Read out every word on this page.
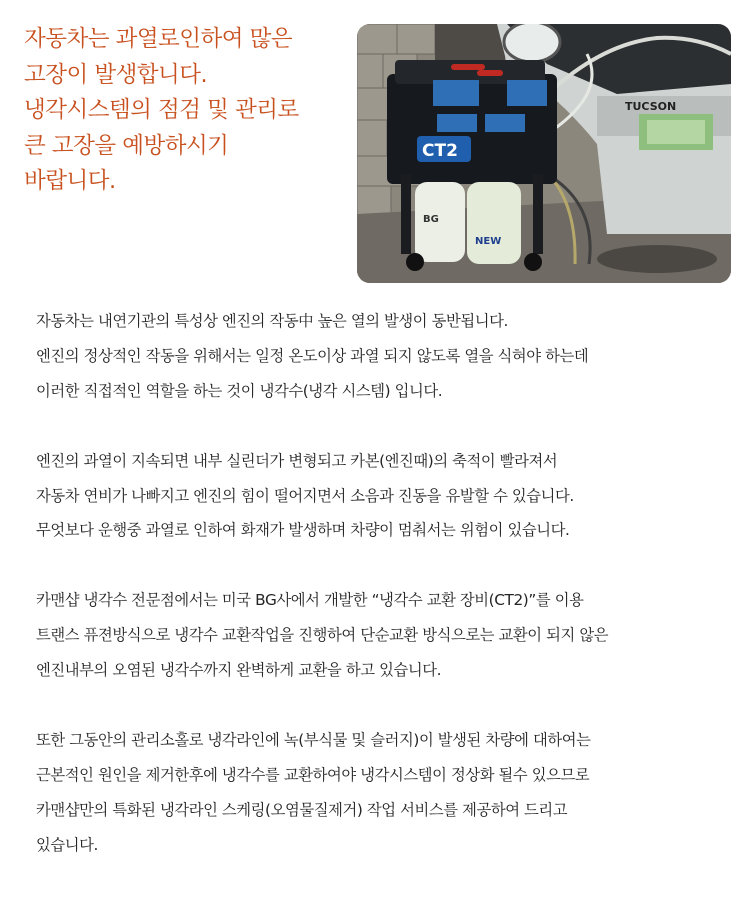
자동차는 과열로인하여 많은
고장이 발생합니다.
냉각시스템의 점검 및 관리로
큰 고장을 예방하시기
바랍니다.
TUCSON
CT2
BG
NEW
자동차는 내연기관의 특성상 엔진의 작동中 높은 열의 발생이 동반됩니다.
엔진의 정상적인 작동을 위해서는 일정 온도이상 과열 되지 않도록 열을 식혀야 하는데
이러한 직접적인 역할을 하는 것이 냉각수(냉각 시스템) 입니다.
엔진의 과열이 지속되면 내부 실린더가 변형되고 카본(엔진때)의 축적이 빨라져서
자동차 연비가 나빠지고 엔진의 힘이 떨어지면서 소음과 진동을 유발할 수 있습니다.
무엇보다 운행중 과열로 인하여 화재가 발생하며 차량이 멈춰서는 위험이 있습니다.
카맨샵 냉각수 전문점에서는 미국 BG사에서 개발한 “냉각수 교환 장비(CT2)”를 이용
트랜스 퓨젼방식으로 냉각수 교환작업을 진행하여 단순교환 방식으로는 교환이 되지 않은
엔진내부의 오염된 냉각수까지 완벽하게 교환을 하고 있습니다.
또한 그동안의 관리소홀로 냉각라인에 녹(부식물 및 슬러지)이 발생된 차량에 대하여는
근본적인 원인을 제거한후에 냉각수를 교환하여야 냉각시스템이 정상화 될수 있으므로
카맨샵만의 특화된 냉각라인 스케링(오염물질제거) 작업 서비스를 제공하여 드리고
있습니다.
